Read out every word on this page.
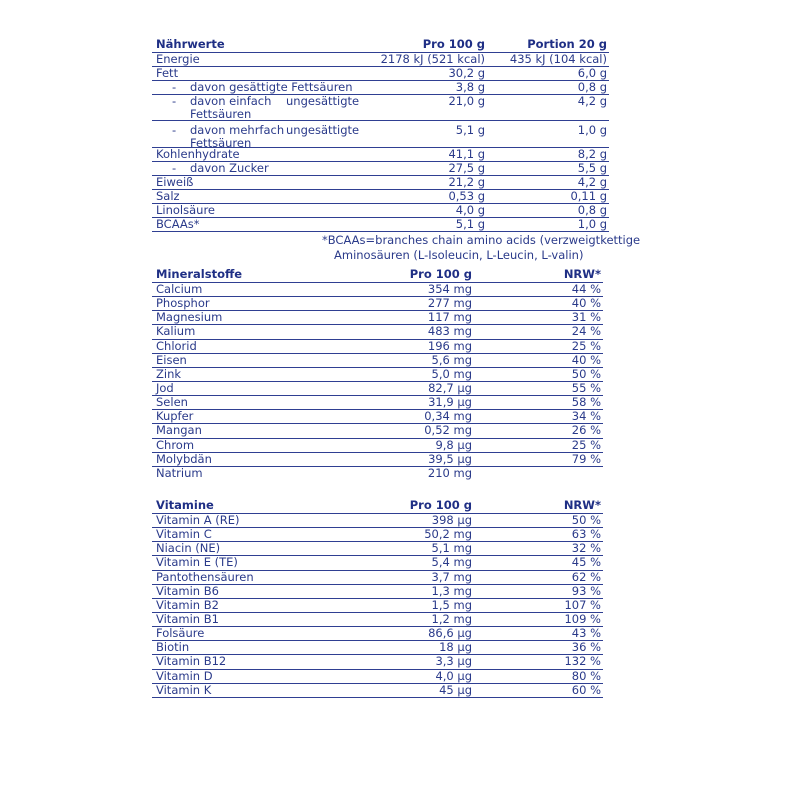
Nährwerte	Pro 100 g	Portion 20 g
Energie	2178 kJ (521 kcal) 435 kJ (104 kcal)
Fett	30,2 g	6,0 g
- davon gesättigte Fettsäuren	3,8 g	0,8 g
- davon einfach ungesättigte
Fettsäuren
21,0 g	4,2 g
- davon mehrfach ungesättigte
Fettsäuren
5,1 g	1,0 g
Kohlenhydrate	41,1 g	8,2 g
- davon Zucker	27,5 g	5,5 g
Eiweiß	21,2 g	4,2 g
Salz	0,53 g	0,11 g
Linolsäure	4,0 g	0,8 g
BCAAs*	5,1 g	1,0 g
*BCAAs=branches chain amino acids (verzweigtkettige
Aminosäuren (L-Isoleucin, L-Leucin, L-valin)
Mineralstoffe	Pro 100 g	NRW*
Calcium	354 mg	44 %
Phosphor	277 mg	40 %
Magnesium	117 mg	31 %
Kalium	483 mg	24 %
Chlorid	196 mg	25 %
Eisen	5,6 mg	40 %
Zink	5,0 mg	50 %
Jod	82,7 µg	55 %
Selen	31,9 µg	58 %
Kupfer	0,34 mg	34 %
Mangan	0,52 mg	26 %
Chrom	9,8 µg	25 %
Molybdän	39,5 µg	79 %
Natrium	210 mg
Vitamine	Pro 100 g	NRW*
Vitamin A (RE)	398 µg	50 %
Vitamin C	50,2 mg	63 %
Niacin (NE)	5,1 mg	32 %
Vitamin E (TE)	5,4 mg	45 %
Pantothensäuren	3,7 mg	62 %
Vitamin B6	1,3 mg	93 %
Vitamin B2	1,5 mg	107 %
Vitamin B1	1,2 mg	109 %
Folsäure	86,6 µg	43 %
Biotin	18 µg	36 %
Vitamin B12	3,3 µg	132 %
Vitamin D	4,0 µg	80 %
Vitamin K	45 µg	60 %
